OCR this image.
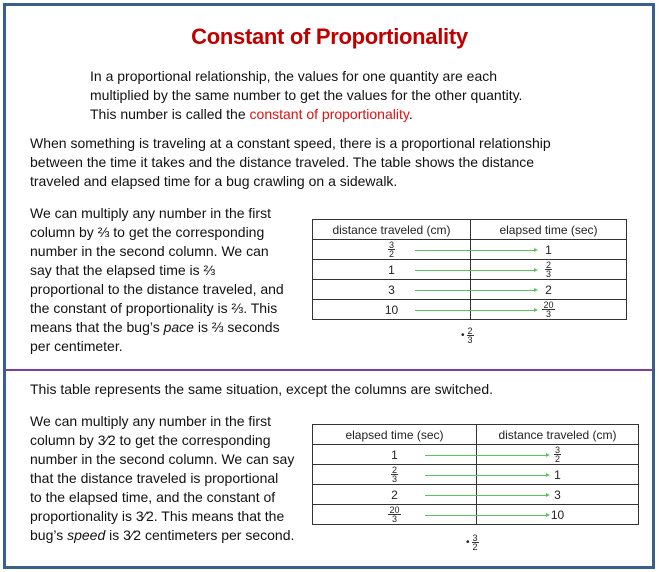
Constant of Proportionality
In a proportional relationship, the values for one quantity are each
multiplied by the same number to get the values for the other quantity.
This number is called the constant of proportionality.
When something is traveling at a constant speed, there is a proportional relationship
between the time it takes and the distance traveled. The table shows the distance
traveled and elapsed time for a bug crawling on a sidewalk.
We can multiply any number in the first
column by ⅔ to get the corresponding
number in the second column. We can
say that the elapsed time is ⅔
proportional to the distance traveled, and
the constant of proportionality is ⅔. This
means that the bug’s pace is ⅔ seconds
per centimeter.
distance traveled (cm)	elapsed time (sec)

$\frac{3}{2}$	1
1	$\frac{2}{3}$

3	2
10	$\frac{20}{3}$
• $\frac{2}{3}$
This table represents the same situation, except the columns are switched.
We can multiply any number in the first
column by 3⁄2 to get the corresponding
number in the second column. We can say
that the distance traveled is proportional
to the elapsed time, and the constant of
proportionality is 3⁄2. This means that the
bug’s speed is 3⁄2 centimeters per second.
elapsed time (sec)	distance traveled (cm)
1	$\frac{3}{2}$

$\frac{2}{3}$	1
2	3

$\frac{20}{3}$	10
• $\frac{3}{2}$
